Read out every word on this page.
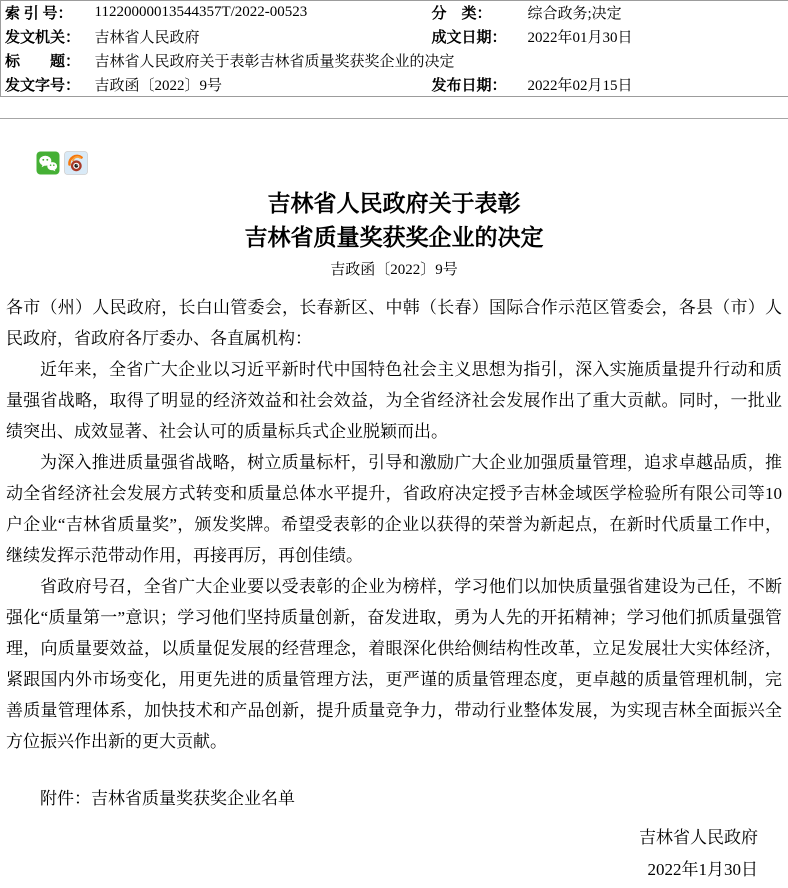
索 引 号：	11220000013544357T/2022-00523	分　类：	综合政务;决定
发文机关：	吉林省人民政府	成文日期：	2022年01月30日
标　　题：	吉林省人民政府关于表彰吉林省质量奖获奖企业的决定		
发文字号：	吉政函〔2022〕9号	发布日期：	2022年02月15日
吉林省人民政府关于表彰
吉林省质量奖获奖企业的决定
吉政函〔2022〕9号

各市（州）人民政府，长白山管委会，长春新区、中韩（长春）国际合作示范区管委会，各县（市）人民政府，省政府各厅委办、各直属机构：

近年来，全省广大企业以习近平新时代中国特色社会主义思想为指引，深入实施质量提升行动和质量强省战略，取得了明显的经济效益和社会效益，为全省经济社会发展作出了重大贡献。同时，一批业绩突出、成效显著、社会认可的质量标兵式企业脱颖而出。

为深入推进质量强省战略，树立质量标杆，引导和激励广大企业加强质量管理，追求卓越品质，推动全省经济社会发展方式转变和质量总体水平提升，省政府决定授予吉林金域医学检验所有限公司等10户企业“吉林省质量奖”，颁发奖牌。希望受表彰的企业以获得的荣誉为新起点，在新时代质量工作中，继续发挥示范带动作用，再接再厉，再创佳绩。

省政府号召，全省广大企业要以受表彰的企业为榜样，学习他们以加快质量强省建设为己任，不断强化“质量第一”意识；学习他们坚持质量创新，奋发进取，勇为人先的开拓精神；学习他们抓质量强管理，向质量要效益，以质量促发展的经营理念，着眼深化供给侧结构性改革，立足发展壮大实体经济，紧跟国内外市场变化，用更先进的质量管理方法，更严谨的质量管理态度，更卓越的质量管理机制，完善质量管理体系，加快技术和产品创新，提升质量竞争力，带动行业整体发展，为实现吉林全面振兴全方位振兴作出新的更大贡献。

附件：吉林省质量奖获奖企业名单

吉林省人民政府
2022年1月30日
